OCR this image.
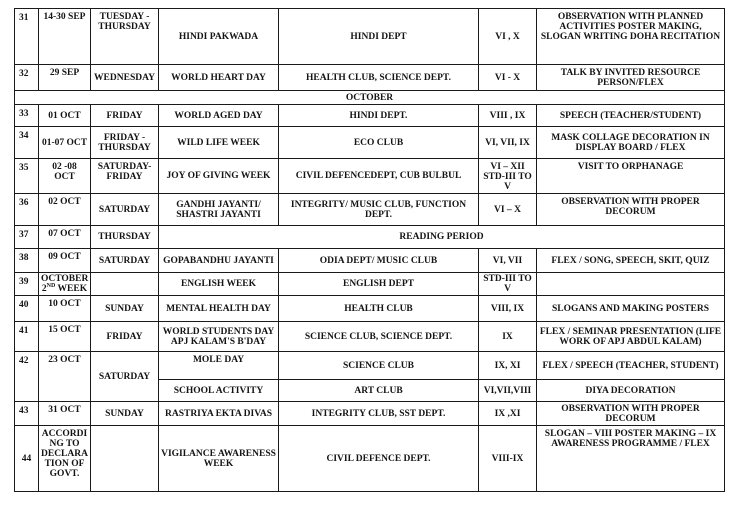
31	14-30 SEP	TUESDAY - THURSDAY	HINDI PAKWADA	HINDI DEPT	VI , X	OBSERVATION WITH PLANNED ACTIVITIES POSTER MAKING, SLOGAN WRITING DOHA RECITATION
32	29 SEP	WEDNESDAY	WORLD HEART DAY	HEALTH CLUB, SCIENCE DEPT.	VI - X	TALK BY INVITED RESOURCE PERSON/FLEX
OCTOBER						
33	01 OCT	FRIDAY	WORLD AGED DAY	HINDI DEPT.	VIII , IX	SPEECH (TEACHER/STUDENT)
34	01-07 OCT	FRIDAY - THURSDAY	WILD LIFE WEEK	ECO CLUB	VI, VII, IX	MASK COLLAGE DECORATION IN DISPLAY BOARD / FLEX
35	02 -08 OCT	SATURDAY- FRIDAY	JOY OF GIVING WEEK	CIVIL DEFENCEDEPT, CUB BULBUL	VI – XII STD-III TO V	VISIT TO ORPHANAGE
36	02 OCT	SATURDAY	GANDHI JAYANTI/ SHASTRI JAYANTI	INTEGRITY/ MUSIC CLUB, FUNCTION DEPT.	VI – X	OBSERVATION WITH PROPER DECORUM
37	07 OCT	THURSDAY	READING PERIOD			
38	09 OCT	SATURDAY	GOPABANDHU JAYANTI	ODIA DEPT/ MUSIC CLUB	VI, VII	FLEX / SONG, SPEECH, SKIT, QUIZ
39	OCTOBER 2ND WEEK		ENGLISH WEEK	ENGLISH DEPT	STD-III TO V	
40	10 OCT	SUNDAY	MENTAL HEALTH DAY	HEALTH CLUB	VIII, IX	SLOGANS AND MAKING POSTERS
41	15 OCT	FRIDAY	WORLD STUDENTS DAY APJ KALAM'S B'DAY	SCIENCE CLUB, SCIENCE DEPT.	IX	FLEX / SEMINAR PRESENTATION (LIFE WORK OF APJ ABDUL KALAM)
42	23 OCT	SATURDAY	MOLE DAY	SCIENCE CLUB	IX, XI	FLEX / SPEECH (TEACHER, STUDENT)
			SCHOOL ACTIVITY	ART CLUB	VI,VII,VIII	DIYA DECORATION
43	31 OCT	SUNDAY	RASTRIYA EKTA DIVAS	INTEGRITY CLUB, SST DEPT.	IX ,XI	OBSERVATION WITH PROPER DECORUM
44	ACCORDI NG TO DECLARA TION OF GOVT.		VIGILANCE AWARENESS WEEK	CIVIL DEFENCE DEPT.	VIII-IX	SLOGAN – VIII POSTER MAKING – IX AWARENESS PROGRAMME / FLEX
